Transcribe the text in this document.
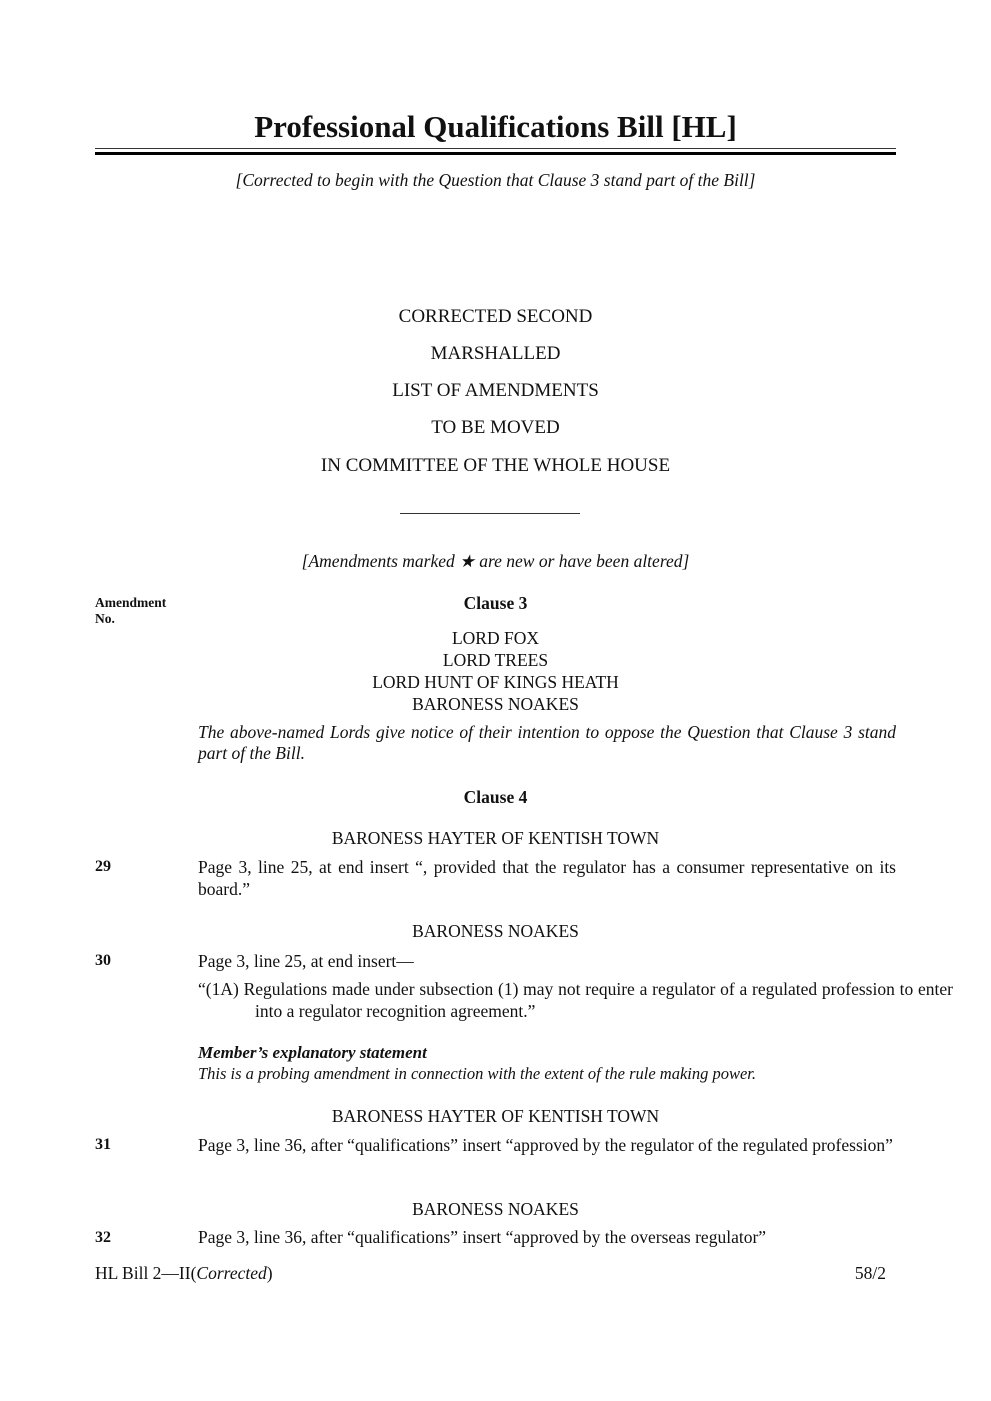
Professional Qualifications Bill [HL]
[Corrected to begin with the Question that Clause 3 stand part of the Bill]
CORRECTED SECOND
MARSHALLED
LIST OF AMENDMENTS
TO BE MOVED
IN COMMITTEE OF THE WHOLE HOUSE
[Amendments marked ★ are new or have been altered]
Amendment
No.
Clause 3
LORD FOX
LORD TREES
LORD HUNT OF KINGS HEATH
BARONESS NOAKES
The above-named Lords give notice of their intention to oppose the Question that Clause 3 stand part of the Bill.
Clause 4
BARONESS HAYTER OF KENTISH TOWN
29	Page 3, line 25, at end insert “, provided that the regulator has a consumer representative on its board.”
BARONESS NOAKES
30	Page 3, line 25, at end insert—
“(1A) Regulations made under subsection (1) may not require a regulator of a regulated profession to enter into a regulator recognition agreement.”
Member’s explanatory statement
This is a probing amendment in connection with the extent of the rule making power.
BARONESS HAYTER OF KENTISH TOWN
31	Page 3, line 36, after “qualifications” insert “approved by the regulator of the regulated profession”
BARONESS NOAKES
32	Page 3, line 36, after “qualifications” insert “approved by the overseas regulator”
HL Bill 2—II(Corrected)	58/2
